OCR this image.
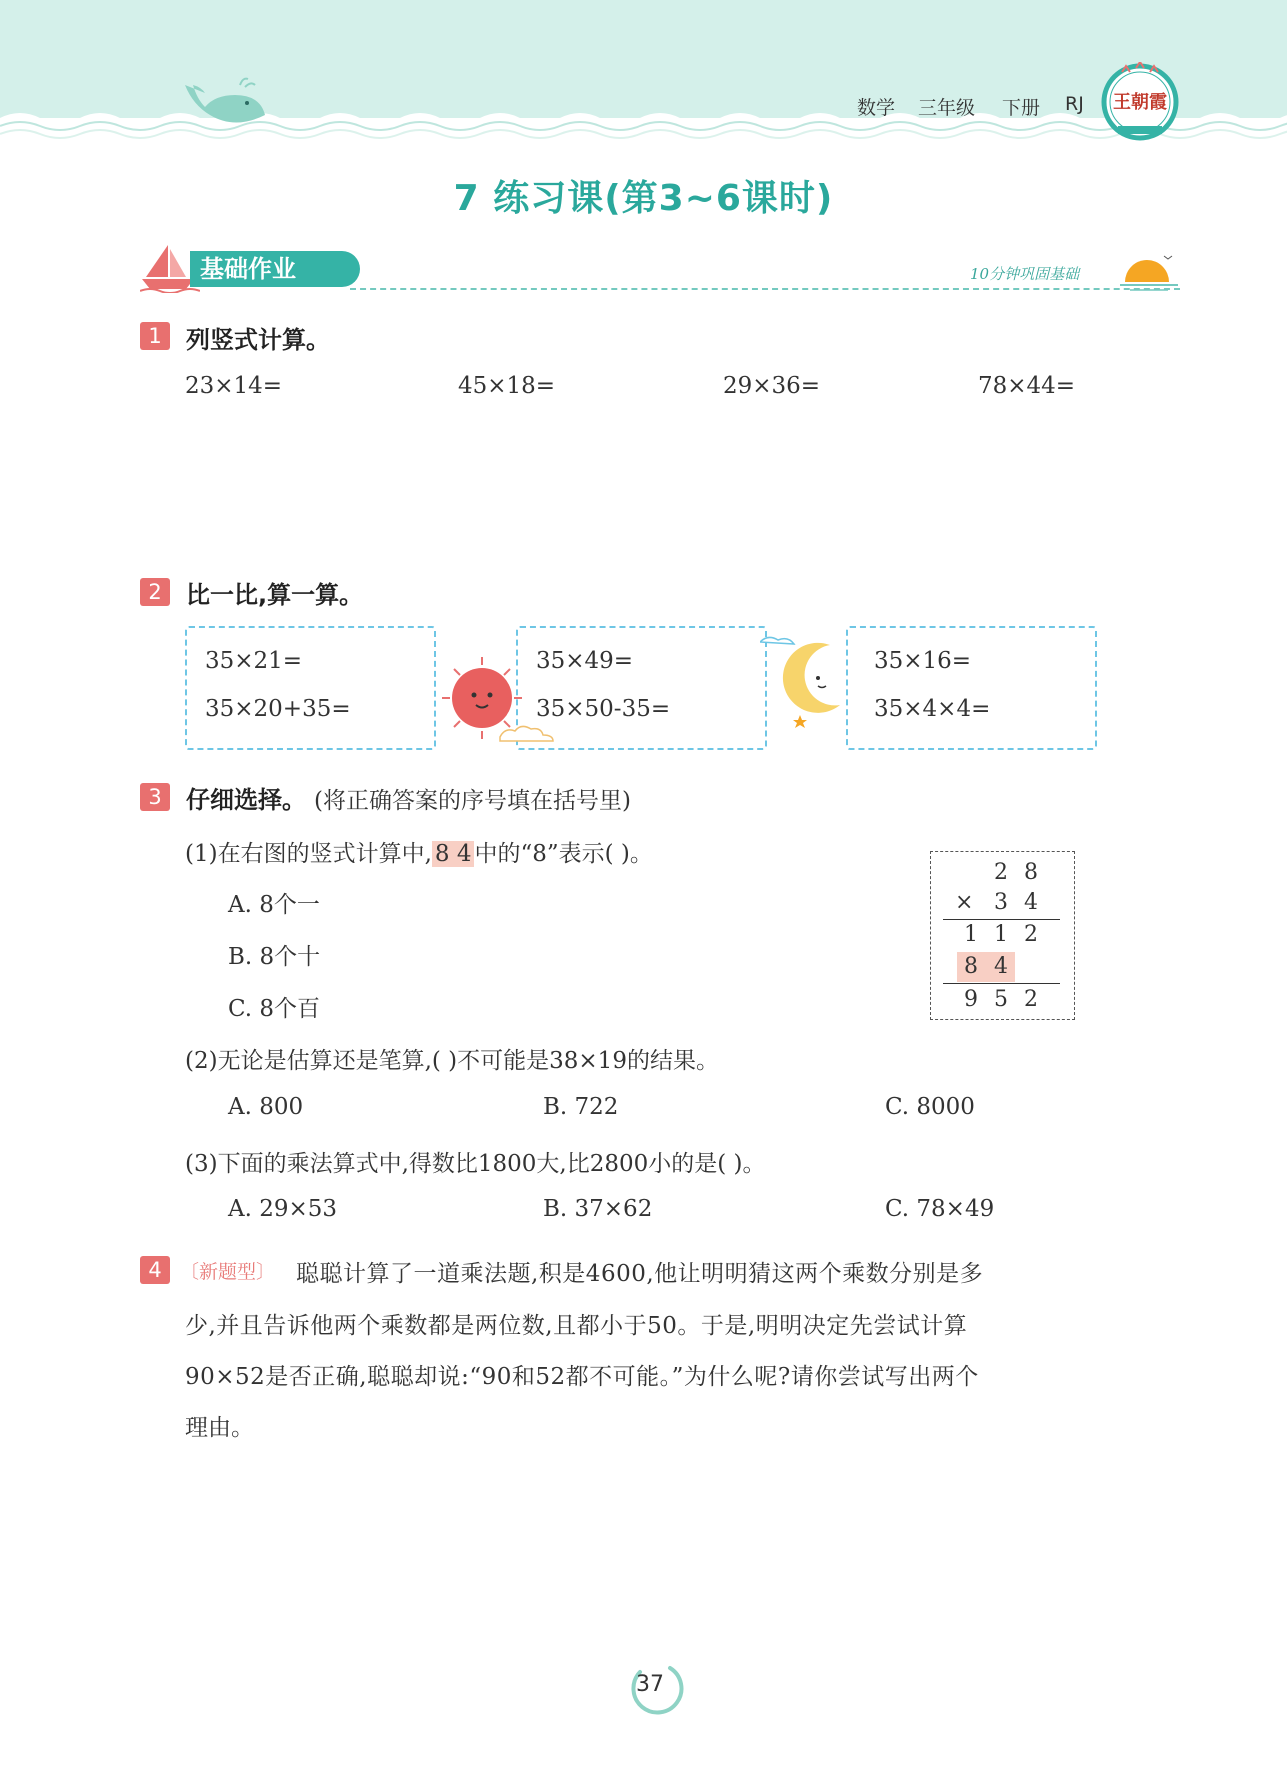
数学 三年级 下册 RJ	王朝霞
7 练习课(第3~6课时)
基础作业	10分钟巩固基础
1	列竖式计算。
23×14=	45×18=	29×36=	78×44=
2	比一比,算一算。
35×21=
35×20+35=
35×49=
35×50-35=
35×16=
35×4×4=
3	仔细选择。 (将正确答案的序号填在括号里)
(1)在右图的竖式计算中, 8 4 中的“8”表示( )。
A. 8个一
B. 8个十
C. 8个百
2 8
× 3 4
1 1 2
8 4
9 5 2
(2)无论是估算还是笔算,( )不可能是38×19的结果。
A. 800	B. 722	C. 8000
(3)下面的乘法算式中,得数比1800大,比2800小的是( )。
A. 29×53	B. 37×62	C. 78×49
4 〔新题型〕 聪聪计算了一道乘法题,积是4600,他让明明猜这两个乘数分别是多
少,并且告诉他两个乘数都是两位数,且都小于50。于是,明明决定先尝试计算
90×52是否正确,聪聪却说:“90和52都不可能。”为什么呢?请你尝试写出两个
理由。
37
